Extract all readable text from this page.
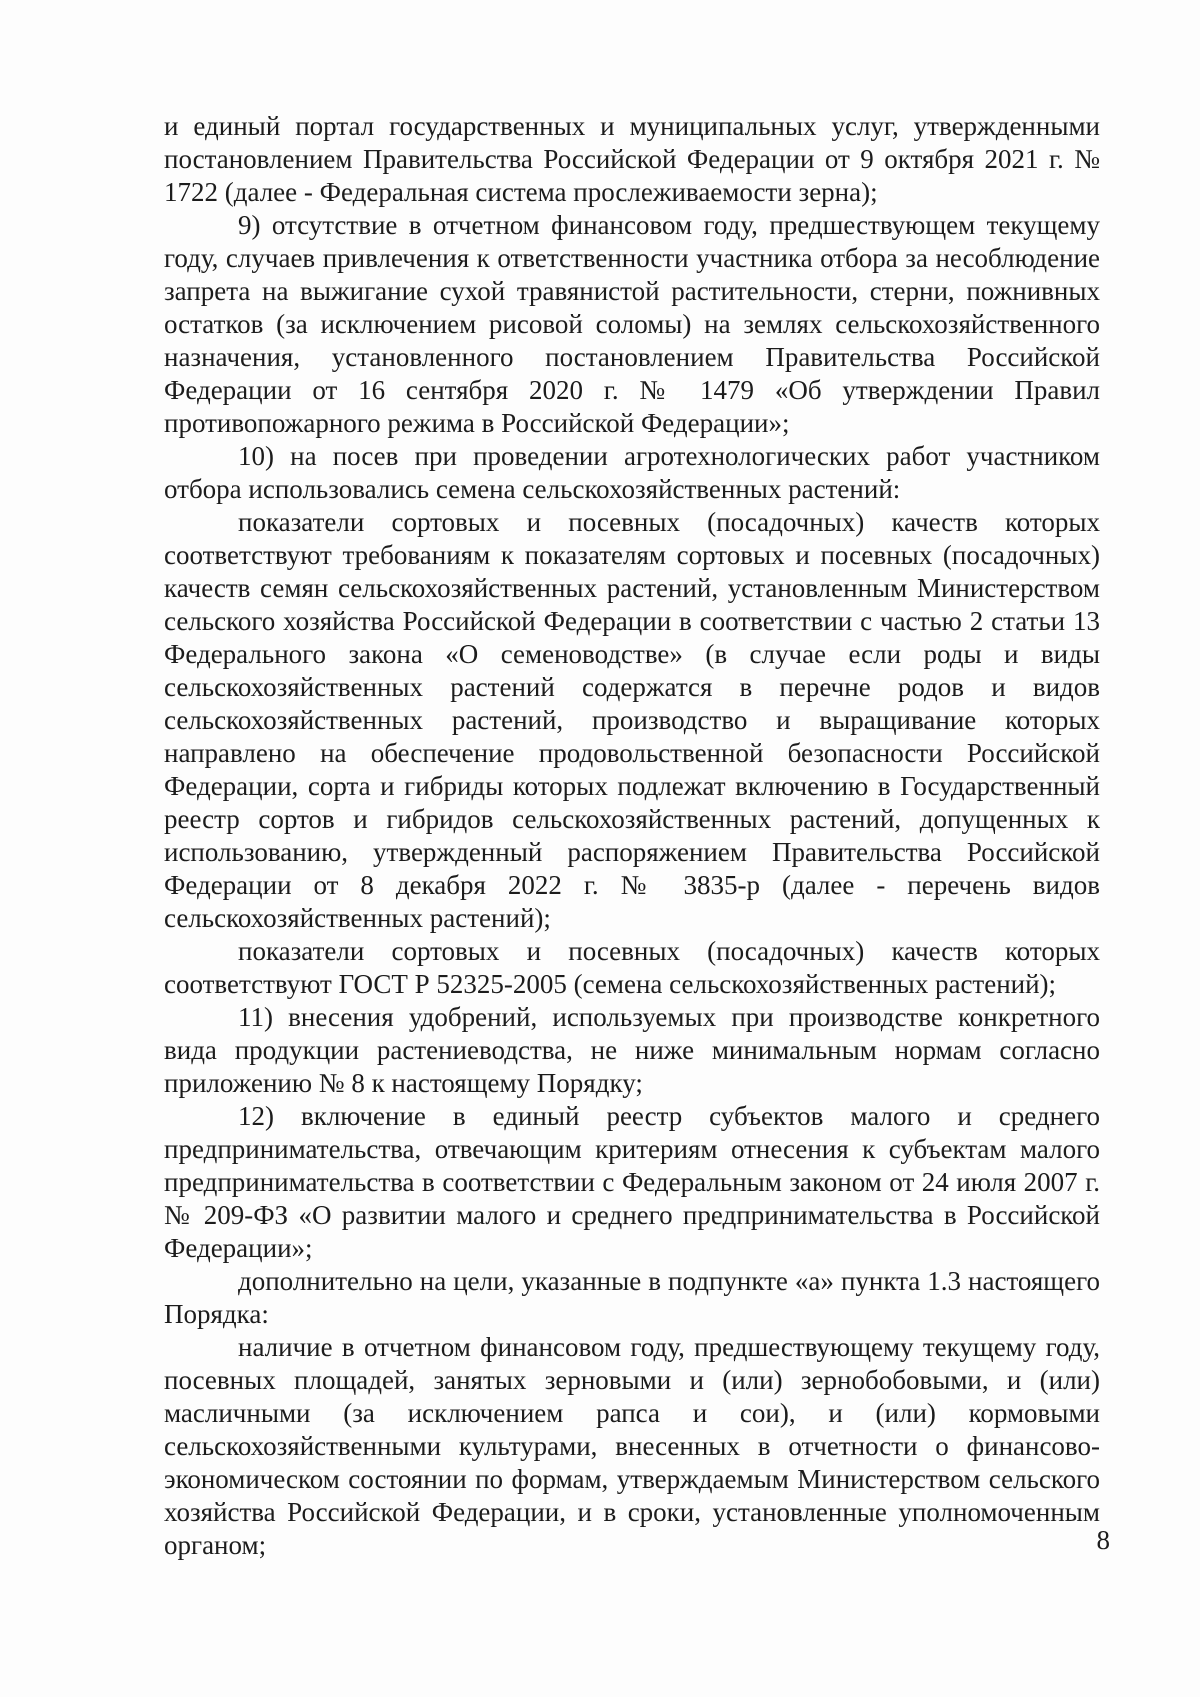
и единый портал государственных и муниципальных услуг, утвержденными постановлением Правительства Российской Федерации от 9 октября 2021 г. № 1722 (далее - Федеральная система прослеживаемости зерна);

9) отсутствие в отчетном финансовом году, предшествующем текущему году, случаев привлечения к ответственности участника отбора за несоблюдение запрета на выжигание сухой травянистой растительности, стерни, пожнивных остатков (за исключением рисовой соломы) на землях сельскохозяйственного назначения, установленного постановлением Правительства Российской Федерации от 16 сентября 2020 г. № 1479 «Об утверждении Правил противопожарного режима в Российской Федерации»;

10) на посев при проведении агротехнологических работ участником отбора использовались семена сельскохозяйственных растений:

показатели сортовых и посевных (посадочных) качеств которых соответствуют требованиям к показателям сортовых и посевных (посадочных) качеств семян сельскохозяйственных растений, установленным Министерством сельского хозяйства Российской Федерации в соответствии с частью 2 статьи 13 Федерального закона «О семеноводстве» (в случае если роды и виды сельскохозяйственных растений содержатся в перечне родов и видов сельскохозяйственных растений, производство и выращивание которых направлено на обеспечение продовольственной безопасности Российской Федерации, сорта и гибриды которых подлежат включению в Государственный реестр сортов и гибридов сельскохозяйственных растений, допущенных к использованию, утвержденный распоряжением Правительства Российской Федерации от 8 декабря 2022 г. № 3835-р (далее - перечень видов сельскохозяйственных растений);

показатели сортовых и посевных (посадочных) качеств которых соответствуют ГОСТ Р 52325-2005 (семена сельскохозяйственных растений);

11) внесения удобрений, используемых при производстве конкретного вида продукции растениеводства, не ниже минимальным нормам согласно приложению № 8 к настоящему Порядку;

12) включение в единый реестр субъектов малого и среднего предпринимательства, отвечающим критериям отнесения к субъектам малого предпринимательства в соответствии с Федеральным законом от 24 июля 2007 г. № 209-ФЗ «О развитии малого и среднего предпринимательства в Российской Федерации»;

дополнительно на цели, указанные в подпункте «а» пункта 1.3 настоящего Порядка:

наличие в отчетном финансовом году, предшествующему текущему году, посевных площадей, занятых зерновыми и (или) зернобобовыми, и (или) масличными (за исключением рапса и сои), и (или) кормовыми сельскохозяйственными культурами, внесенных в отчетности о финансово-экономическом состоянии по формам, утверждаемым Министерством сельского хозяйства Российской Федерации, и в сроки, установленные уполномоченным органом;	8
